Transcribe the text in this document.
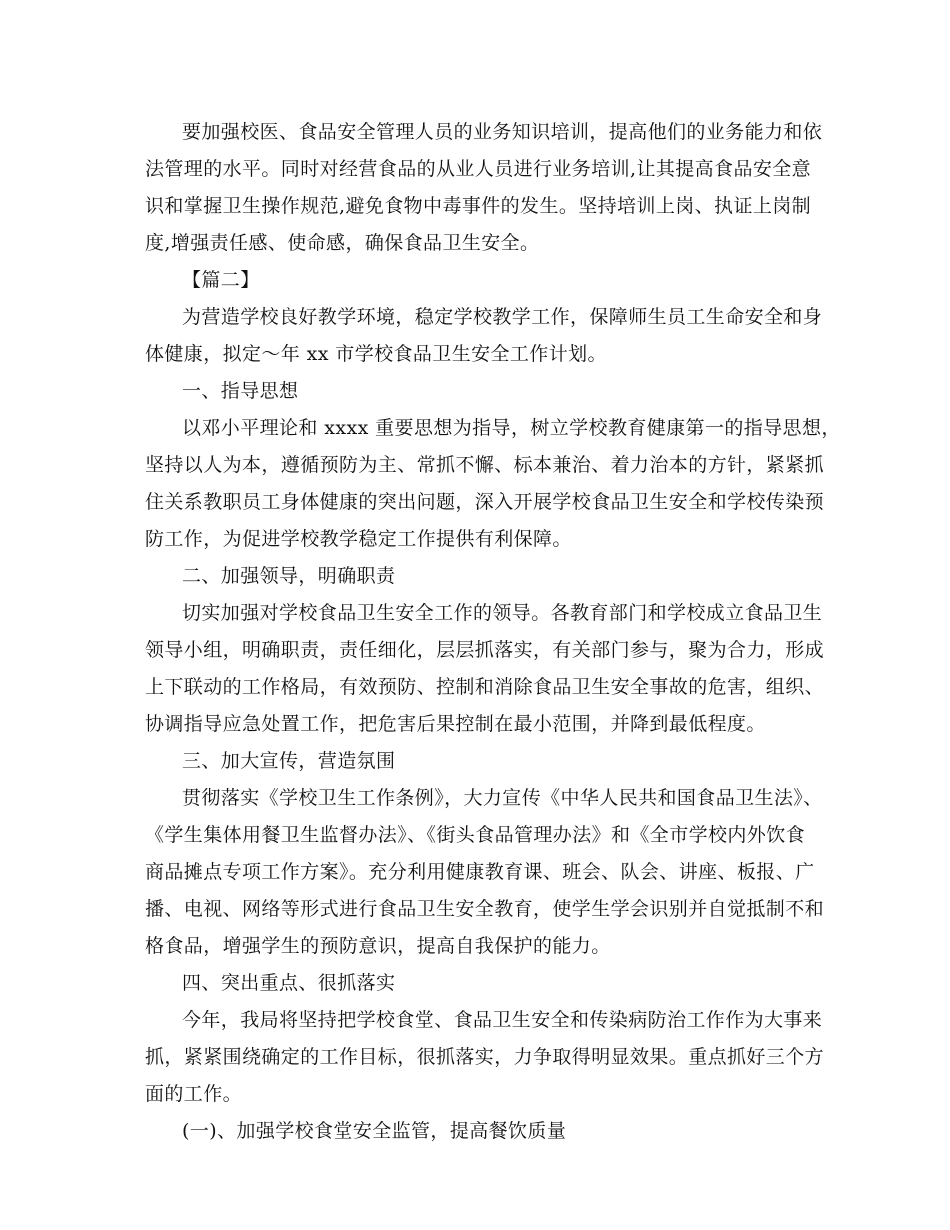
要加强校医、食品安全管理人员的业务知识培训，提高他们的业务能力和依
法管理的水平。同时对经营食品的从业人员进行业务培训,让其提高食品安全意
识和掌握卫生操作规范,避免食物中毒事件的发生。坚持培训上岗、执证上岗制
度,增强责任感、使命感，确保食品卫生安全。
【篇二】
为营造学校良好教学环境，稳定学校教学工作，保障师生员工生命安全和身
体健康，拟定～年 xx 市学校食品卫生安全工作计划。
一、指导思想
以邓小平理论和 xxxx 重要思想为指导，树立学校教育健康第一的指导思想，
坚持以人为本，遵循预防为主、常抓不懈、标本兼治、着力治本的方针，紧紧抓
住关系教职员工身体健康的突出问题，深入开展学校食品卫生安全和学校传染预
防工作，为促进学校教学稳定工作提供有利保障。
二、加强领导，明确职责
切实加强对学校食品卫生安全工作的领导。各教育部门和学校成立食品卫生
领导小组，明确职责，责任细化，层层抓落实，有关部门参与，聚为合力，形成
上下联动的工作格局，有效预防、控制和消除食品卫生安全事故的危害，组织、
协调指导应急处置工作，把危害后果控制在最小范围，并降到最低程度。
三、加大宣传，营造氛围
贯彻落实《学校卫生工作条例》，大力宣传《中华人民共和国食品卫生法》、
《学生集体用餐卫生监督办法》、《街头食品管理办法》和《全市学校内外饮食
商品摊点专项工作方案》。充分利用健康教育课、班会、队会、讲座、板报、广
播、电视、网络等形式进行食品卫生安全教育，使学生学会识别并自觉抵制不和
格食品，增强学生的预防意识，提高自我保护的能力。
四、突出重点、很抓落实
今年，我局将坚持把学校食堂、食品卫生安全和传染病防治工作作为大事来
抓，紧紧围绕确定的工作目标，很抓落实，力争取得明显效果。重点抓好三个方
面的工作。
(一)、加强学校食堂安全监管，提高餐饮质量
